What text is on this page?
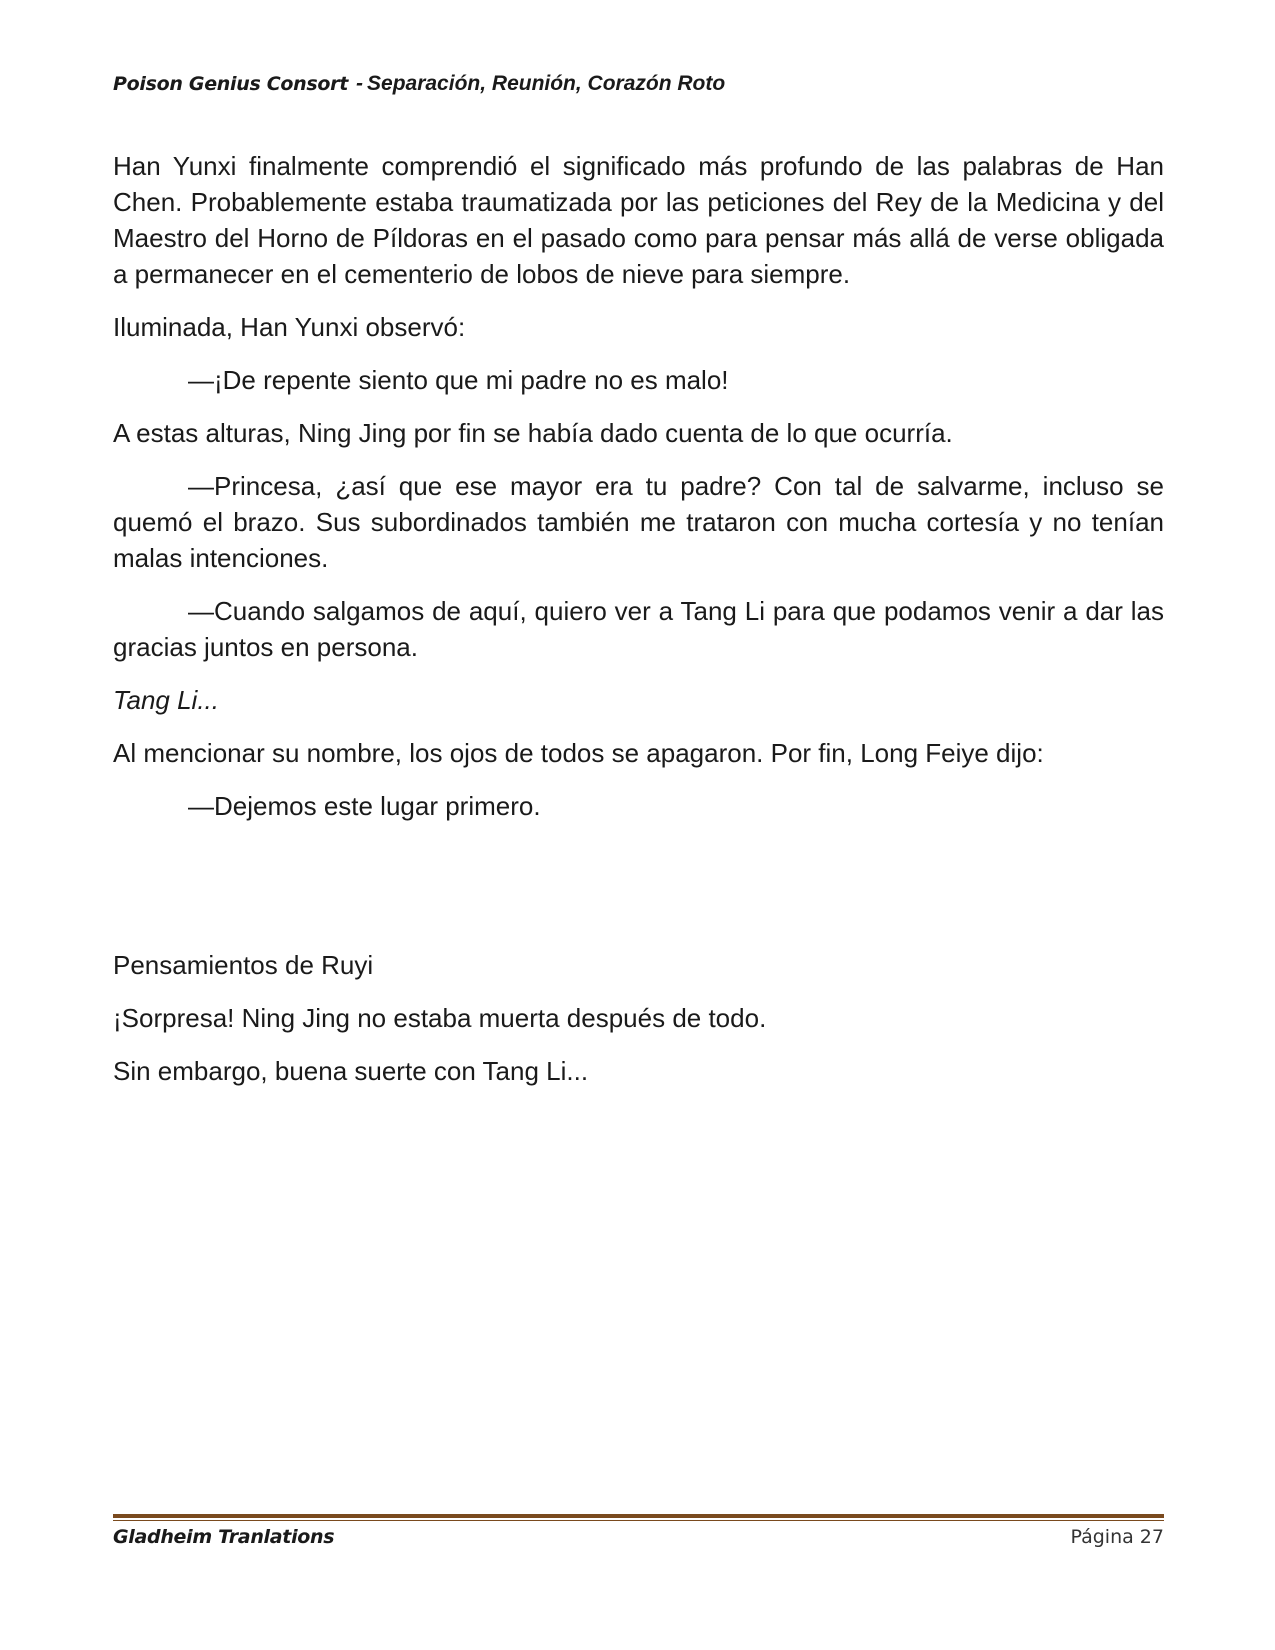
Poison Genius Consort - Separación, Reunión, Corazón Roto

Han Yunxi finalmente comprendió el significado más profundo de las palabras de Han Chen. Probablemente estaba traumatizada por las peticiones del Rey de la Medicina y del Maestro del Horno de Píldoras en el pasado como para pensar más allá de verse obligada a permanecer en el cementerio de lobos de nieve para siempre.

Iluminada, Han Yunxi observó:

—¡De repente siento que mi padre no es malo!

A estas alturas, Ning Jing por fin se había dado cuenta de lo que ocurría.

—Princesa, ¿así que ese mayor era tu padre? Con tal de salvarme, incluso se quemó el brazo. Sus subordinados también me trataron con mucha cortesía y no tenían malas intenciones.

—Cuando salgamos de aquí, quiero ver a Tang Li para que podamos venir a dar las gracias juntos en persona.

Tang Li...

Al mencionar su nombre, los ojos de todos se apagaron. Por fin, Long Feiye dijo:

—Dejemos este lugar primero.

Pensamientos de Ruyi

¡Sorpresa! Ning Jing no estaba muerta después de todo.

Sin embargo, buena suerte con Tang Li...

Gladheim Tranlations	Página 27
